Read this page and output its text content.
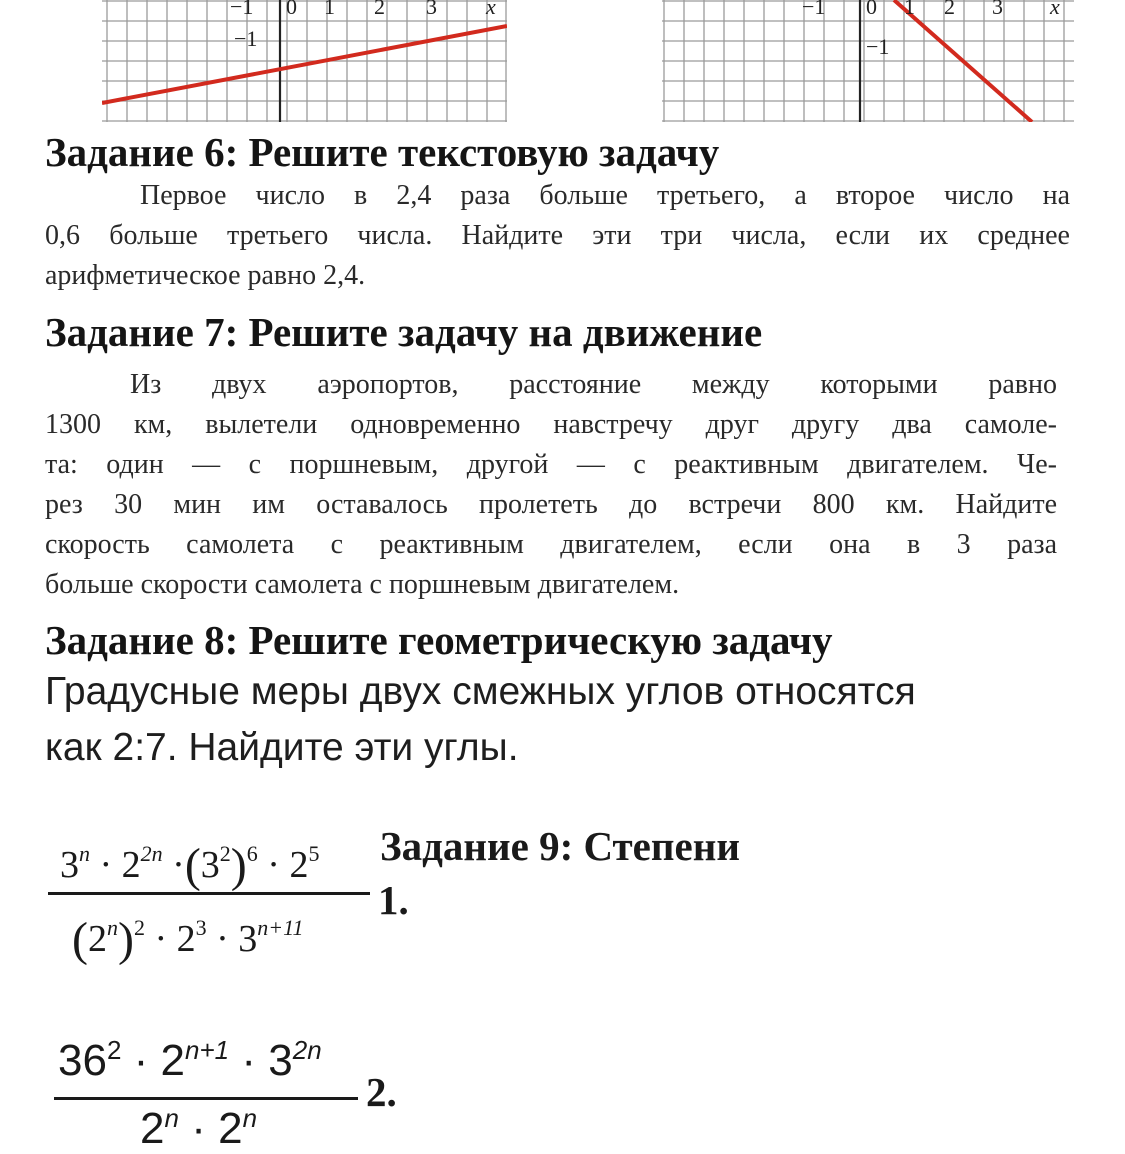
−1 0 1 2 3 x
−1
−1 0 1 2 3 x
−1
Задание 6: Решите текстовую задачу
Первое число в 2,4 раза больше третьего, а второе число на
0,6 больше третьего числа. Найдите эти три числа, если их среднее
арифметическое равно 2,4.
Задание 7: Решите задачу на движение
Из двух аэропортов, расстояние между которыми равно
1300 км, вылетели одновременно навстречу друг другу два самоле-
та: один — с поршневым, другой — с реактивным двигателем. Че-
рез 30 мин им оставалось пролететь до встречи 800 км. Найдите
скорость самолета с реактивным двигателем, если она в 3 раза
больше скорости самолета с поршневым двигателем.
Задание 8: Решите геометрическую задачу
Градусные меры двух смежных углов относятся
как 2:7. Найдите эти углы.
Задание 9: Степени
1.
$3^n \cdot 2^{2n} \cdot(3^2)^6 \cdot 2^5$
$(2^n)^2 \cdot 2^3 \cdot 3^{n+11}$
$36^2 \cdot 2^{n+1} \cdot 3^{2n}$
2.
$2^n \cdot 2^n$
